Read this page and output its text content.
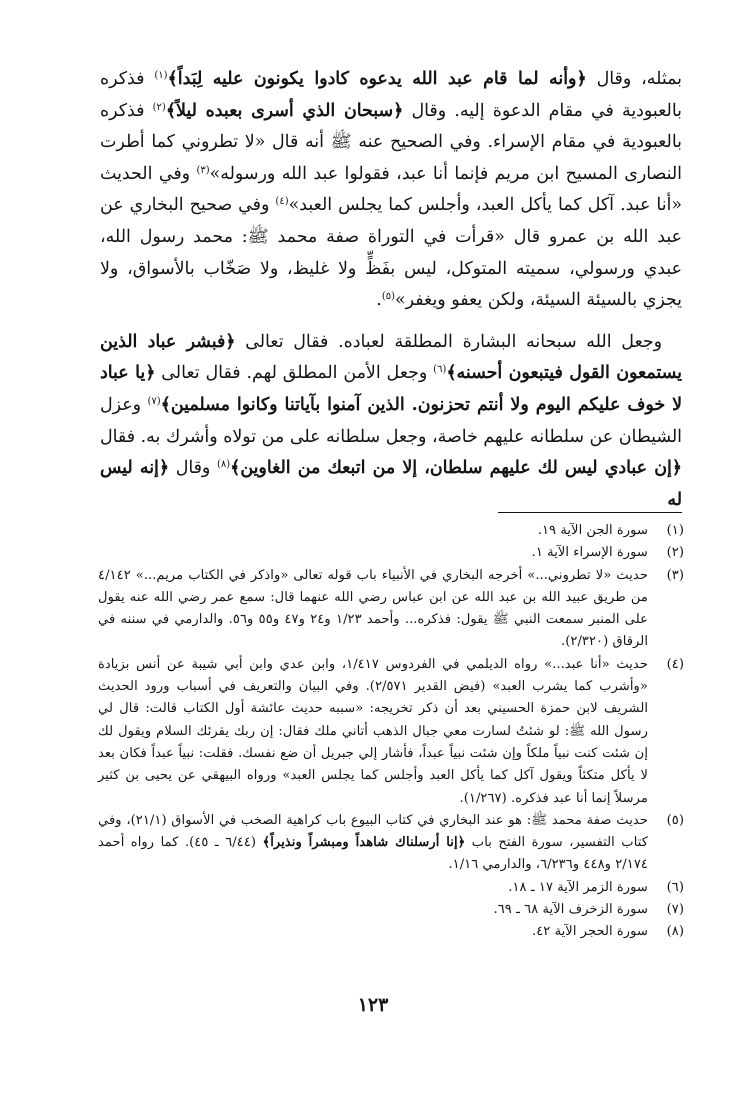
بمثله، وقال ﴿وأنه لما قام عبد الله يدعوه كادوا يكونون عليه لِبَداً﴾$^{(١)}$ فذكره بالعبودية في مقام الدعوة إليه. وقال ﴿سبحان الذي أسرى بعبده ليلاً﴾$^{(٢)}$ فذكره بالعبودية في مقام الإسراء. وفي الصحيح عنه ﷺ أنه قال «لا تطروني كما أطرت النصارى المسيح ابن مريم فإنما أنا عبد، فقولوا عبد الله ورسوله»$^{(٣)}$ وفي الحديث «أنا عبد. آكل كما يأكل العبد، وأجلس كما يجلس العبد»$^{(٤)}$ وفي صحيح البخاري عن عبد الله بن عمرو قال «قرأت في التوراة صفة محمد ﷺ: محمد رسول الله، عبدي ورسولي، سميته المتوكل، ليس بفَظٍّ ولا غليظ، ولا صَخّاب بالأسواق، ولا يجزي بالسيئة السيئة، ولكن يعفو ويغفر»$^{(٥)}$.

وجعل الله سبحانه البشارة المطلقة لعباده. فقال تعالى ﴿فبشر عباد الذين يستمعون القول فيتبعون أحسنه﴾$^{(٦)}$ وجعل الأمن المطلق لهم. فقال تعالى ﴿يا عباد لا خوف عليكم اليوم ولا أنتم تحزنون. الذين آمنوا بآياتنا وكانوا مسلمين﴾$^{(٧)}$ وعزل الشيطان عن سلطانه عليهم خاصة، وجعل سلطانه على من تولاه وأشرك به. فقال ﴿إن عبادي ليس لك عليهم سلطان، إلا من اتبعك من الغاوين﴾$^{(٨)}$ وقال ﴿إنه ليس له

(١)
سورة الجن الآية ١٩.
(٢)
سورة الإسراء الآية ١.
(٣)
حديث «لا تطروني...» أخرجه البخاري في الأنبياء باب قوله تعالى «واذكر في الكتاب مريم...» ٤/١٤٢ من طريق عبيد الله بن عبد الله عن ابن عباس رضي الله عنهما قال: سمع عمر رضي الله عنه يقول على المنبر سمعت النبي ﷺ يقول: فذكره... وأحمد ١/٢٣ و٢٤ و٤٧ و٥٥ و٥٦. والدارمي في سننه في الرقاق (٢/٣٢٠).
(٤)
حديث «أنا عبد...» رواه الديلمي في الفردوس ١/٤١٧، وابن عدي وابن أبي شيبة عن أنس بزيادة «وأشرب كما يشرب العبد» (فيض القدير ٢/٥٧١). وفي البيان والتعريف في أسباب ورود الحديث الشريف لابن حمزة الحسيني بعد أن ذكر تخريجه: «سببه حديث عائشة أول الكتاب قالت: قال لي رسول الله ﷺ: لو شئتُ لسارت معي جبال الذهب أتاني ملك فقال: إن ربك يقرئك السلام ويقول لك إن شئت كنت نبياً ملكاً وإن شئت نبياً عبداً، فأشار إلي جبريل أن ضع نفسك. فقلت: نبياً عبداً فكان بعد لا يأكل متكئاً ويقول آكل كما يأكل العبد وأجلس كما يجلس العبد» ورواه البيهقي عن يحيى بن كثير مرسلاً إنما أنا عبد فذكره. (١/٢٦٧).
(٥)
حديث صفة محمد ﷺ: هو عند البخاري في كتاب البيوع باب كراهية الصخب في الأسواق (٢١/١)، وفي كتاب التفسير، سورة الفتح باب ﴿إنا أرسلناك شاهداً ومبشراً ونذيراً﴾ (٦/٤٤ ـ ٤٥). كما رواه أحمد ٢/١٧٤ و٤٤٨ و٦/٢٣٦، والدارمي ١/١٦.
(٦)
سورة الزمر الآية ١٧ ـ ١٨.
(٧)
سورة الزخرف الآية ٦٨ ـ ٦٩.
(٨)
سورة الحجر الآية ٤٢.
١٢٣
